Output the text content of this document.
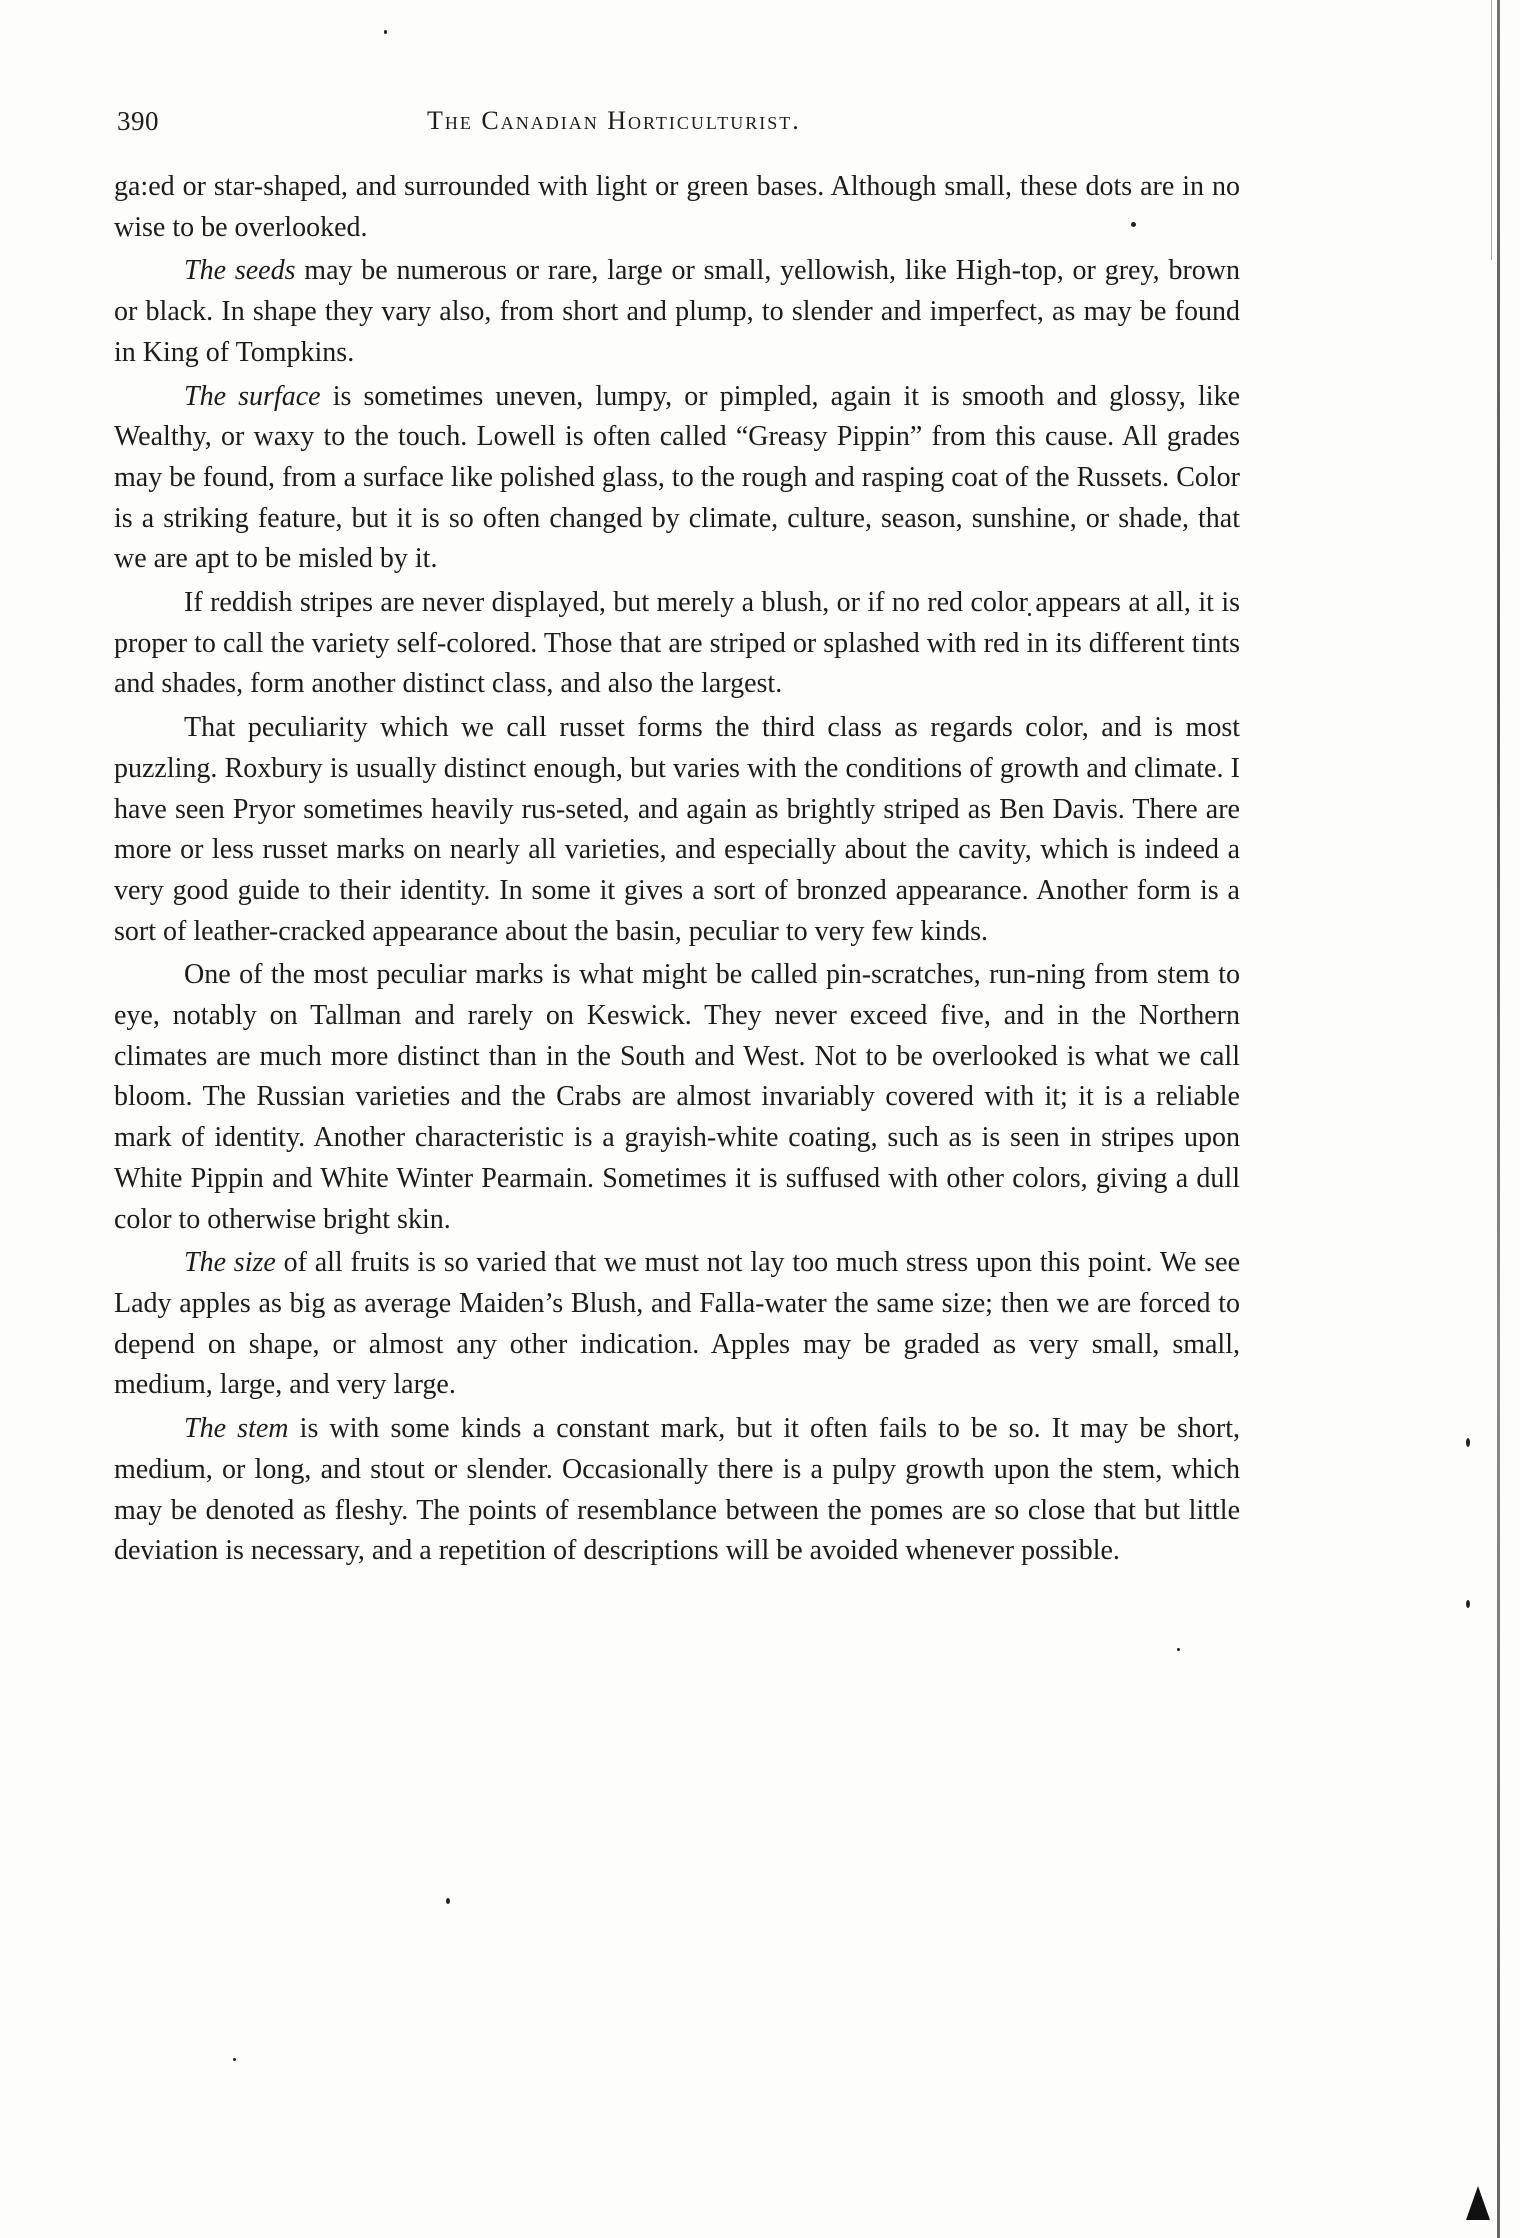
390	The Canadian Horticulturist.

ga:ed or star-shaped, and surrounded with light or green bases. Although small, these dots are in no wise to be overlooked.

The seeds may be numerous or rare, large or small, yellowish, like High-top, or grey, brown or black. In shape they vary also, from short and plump, to slender and imperfect, as may be found in King of Tompkins.

The surface is sometimes uneven, lumpy, or pimpled, again it is smooth and glossy, like Wealthy, or waxy to the touch. Lowell is often called “Greasy Pippin” from this cause. All grades may be found, from a surface like polished glass, to the rough and rasping coat of the Russets. Color is a striking feature, but it is so often changed by climate, culture, season, sunshine, or shade, that we are apt to be misled by it.

If reddish stripes are never displayed, but merely a blush, or if no red color appears at all, it is proper to call the variety self-colored. Those that are striped or splashed with red in its different tints and shades, form another distinct class, and also the largest.

That peculiarity which we call russet forms the third class as regards color, and is most puzzling. Roxbury is usually distinct enough, but varies with the conditions of growth and climate. I have seen Pryor sometimes heavily rus-seted, and again as brightly striped as Ben Davis. There are more or less russet marks on nearly all varieties, and especially about the cavity, which is indeed a very good guide to their identity. In some it gives a sort of bronzed appearance. Another form is a sort of leather-cracked appearance about the basin, peculiar to very few kinds.

One of the most peculiar marks is what might be called pin-scratches, run-ning from stem to eye, notably on Tallman and rarely on Keswick. They never exceed five, and in the Northern climates are much more distinct than in the South and West. Not to be overlooked is what we call bloom. The Russian varieties and the Crabs are almost invariably covered with it; it is a reliable mark of identity. Another characteristic is a grayish-white coating, such as is seen in stripes upon White Pippin and White Winter Pearmain. Sometimes it is suffused with other colors, giving a dull color to otherwise bright skin.

The size of all fruits is so varied that we must not lay too much stress upon this point. We see Lady apples as big as average Maiden’s Blush, and Falla-water the same size; then we are forced to depend on shape, or almost any other indication. Apples may be graded as very small, small, medium, large, and very large.

The stem is with some kinds a constant mark, but it often fails to be so. It may be short, medium, or long, and stout or slender. Occasionally there is a pulpy growth upon the stem, which may be denoted as fleshy. The points of resemblance between the pomes are so close that but little deviation is necessary, and a repetition of descriptions will be avoided whenever possible.
